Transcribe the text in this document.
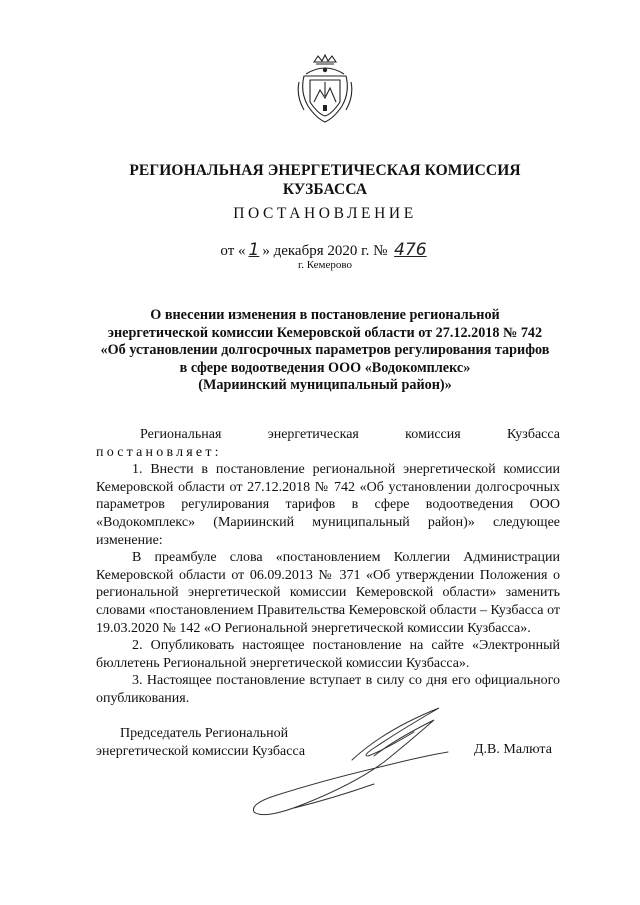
РЕГИОНАЛЬНАЯ ЭНЕРГЕТИЧЕСКАЯ КОМИССИЯ
КУЗБАССА
ПОСТАНОВЛЕНИЕ
от « 1 » декабря 2020 г. № 476
г. Кемерово
О внесении изменения в постановление региональной
энергетической комиссии Кемеровской области от 27.12.2018 № 742
«Об установлении долгосрочных параметров регулирования тарифов
в сфере водоотведения ООО «Водокомплекс»
(Мариинский муниципальный район)»

Региональная	энергетическая	комиссия	Кузбасса

постановляет:

1. Внести в постановление региональной энергетической комиссии Кемеровской области от 27.12.2018 № 742 «Об установлении долгосрочных параметров регулирования тарифов в сфере водоотведения ООО «Водокомплекс» (Мариинский муниципальный район)» следующее изменение:

В преамбуле слова «постановлением Коллегии Администрации Кемеровской области от 06.09.2013 № 371 «Об утверждении Положения о региональной энергетической комиссии Кемеровской области» заменить словами «постановлением Правительства Кемеровской области – Кузбасса от 19.03.2020 № 142 «О Региональной энергетической комиссии Кузбасса».

2. Опубликовать настоящее постановление на сайте «Электронный бюллетень Региональной энергетической комиссии Кузбасса».

3. Настоящее постановление вступает в силу со дня его официального опубликования.

Председатель Региональной
энергетической комиссии Кузбасса	Д.В. Малюта
